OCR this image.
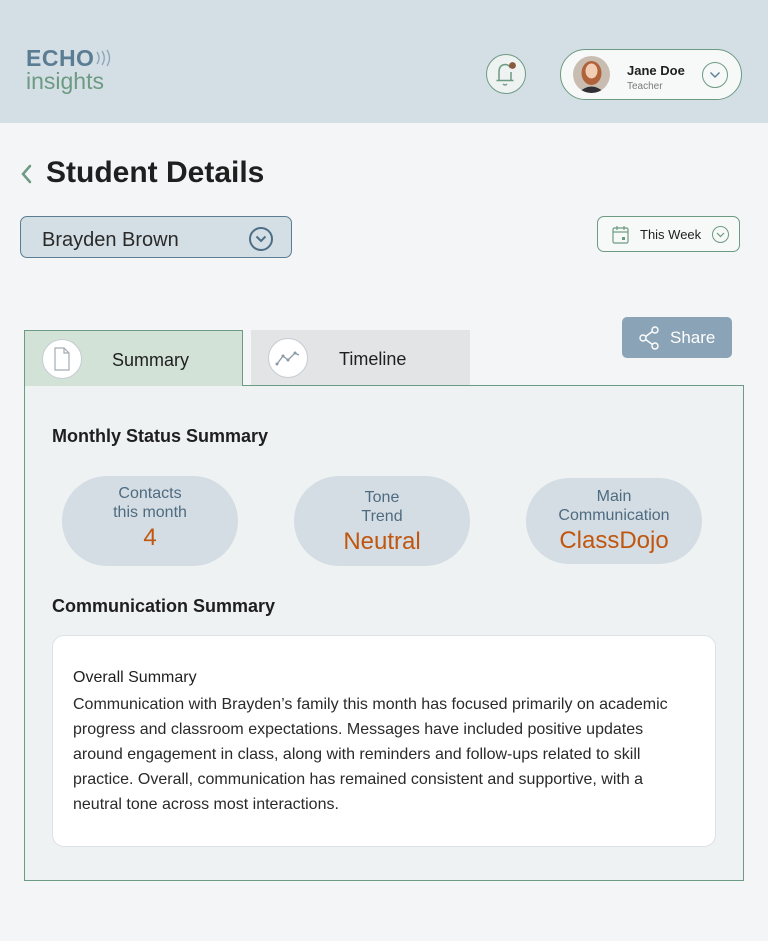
ECHO
insights	Jane Doe
Teacher
Student Details
Brayden Brown	This Week
Share
Summary	Timeline
Monthly Status Summary
Contacts
this month
4
Tone
Trend
Neutral
Main
Communication
ClassDojo
Communication Summary
Overall Summary

Communication with Brayden’s family this month has focused primarily on academic progress and classroom expectations. Messages have included positive updates around engagement in class, along with reminders and follow-ups related to skill practice. Overall, communication has remained consistent and supportive, with a neutral tone across most interactions.
